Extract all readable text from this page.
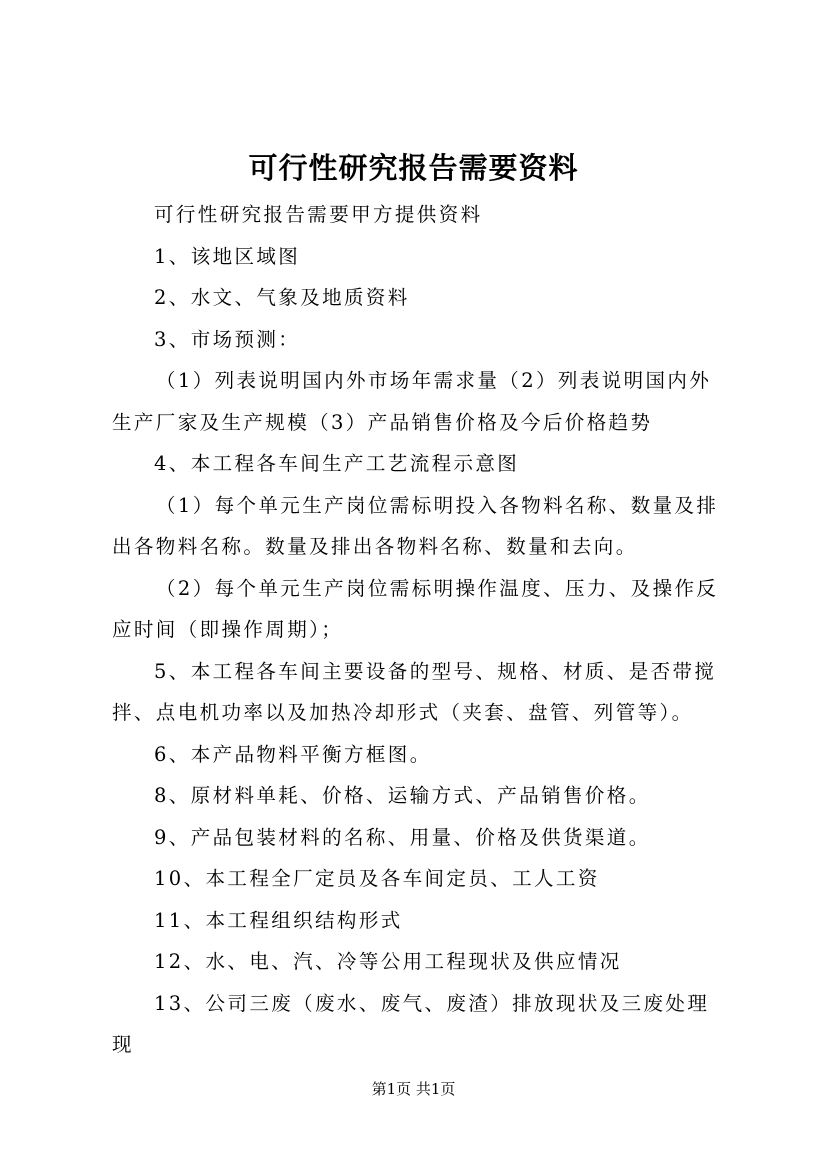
可行性研究报告需要资料

可行性研究报告需要甲方提供资料

1、该地区域图

2、水文、气象及地质资料

3、市场预测：

（1）列表说明国内外市场年需求量（2）列表说明国内外生产厂家及生产规模（3）产品销售价格及今后价格趋势

4、本工程各车间生产工艺流程示意图

（1）每个单元生产岗位需标明投入各物料名称、数量及排出各物料名称。数量及排出各物料名称、数量和去向。

（2）每个单元生产岗位需标明操作温度、压力、及操作反应时间（即操作周期）；

5、本工程各车间主要设备的型号、规格、材质、是否带搅拌、点电机功率以及加热冷却形式（夹套、盘管、列管等）。

6、本产品物料平衡方框图。

8、原材料单耗、价格、运输方式、产品销售价格。

9、产品包装材料的名称、用量、价格及供货渠道。

10、本工程全厂定员及各车间定员、工人工资

11、本工程组织结构形式

12、水、电、汽、冷等公用工程现状及供应情况

13、公司三废（废水、废气、废渣）排放现状及三废处理现

第1页 共1页
